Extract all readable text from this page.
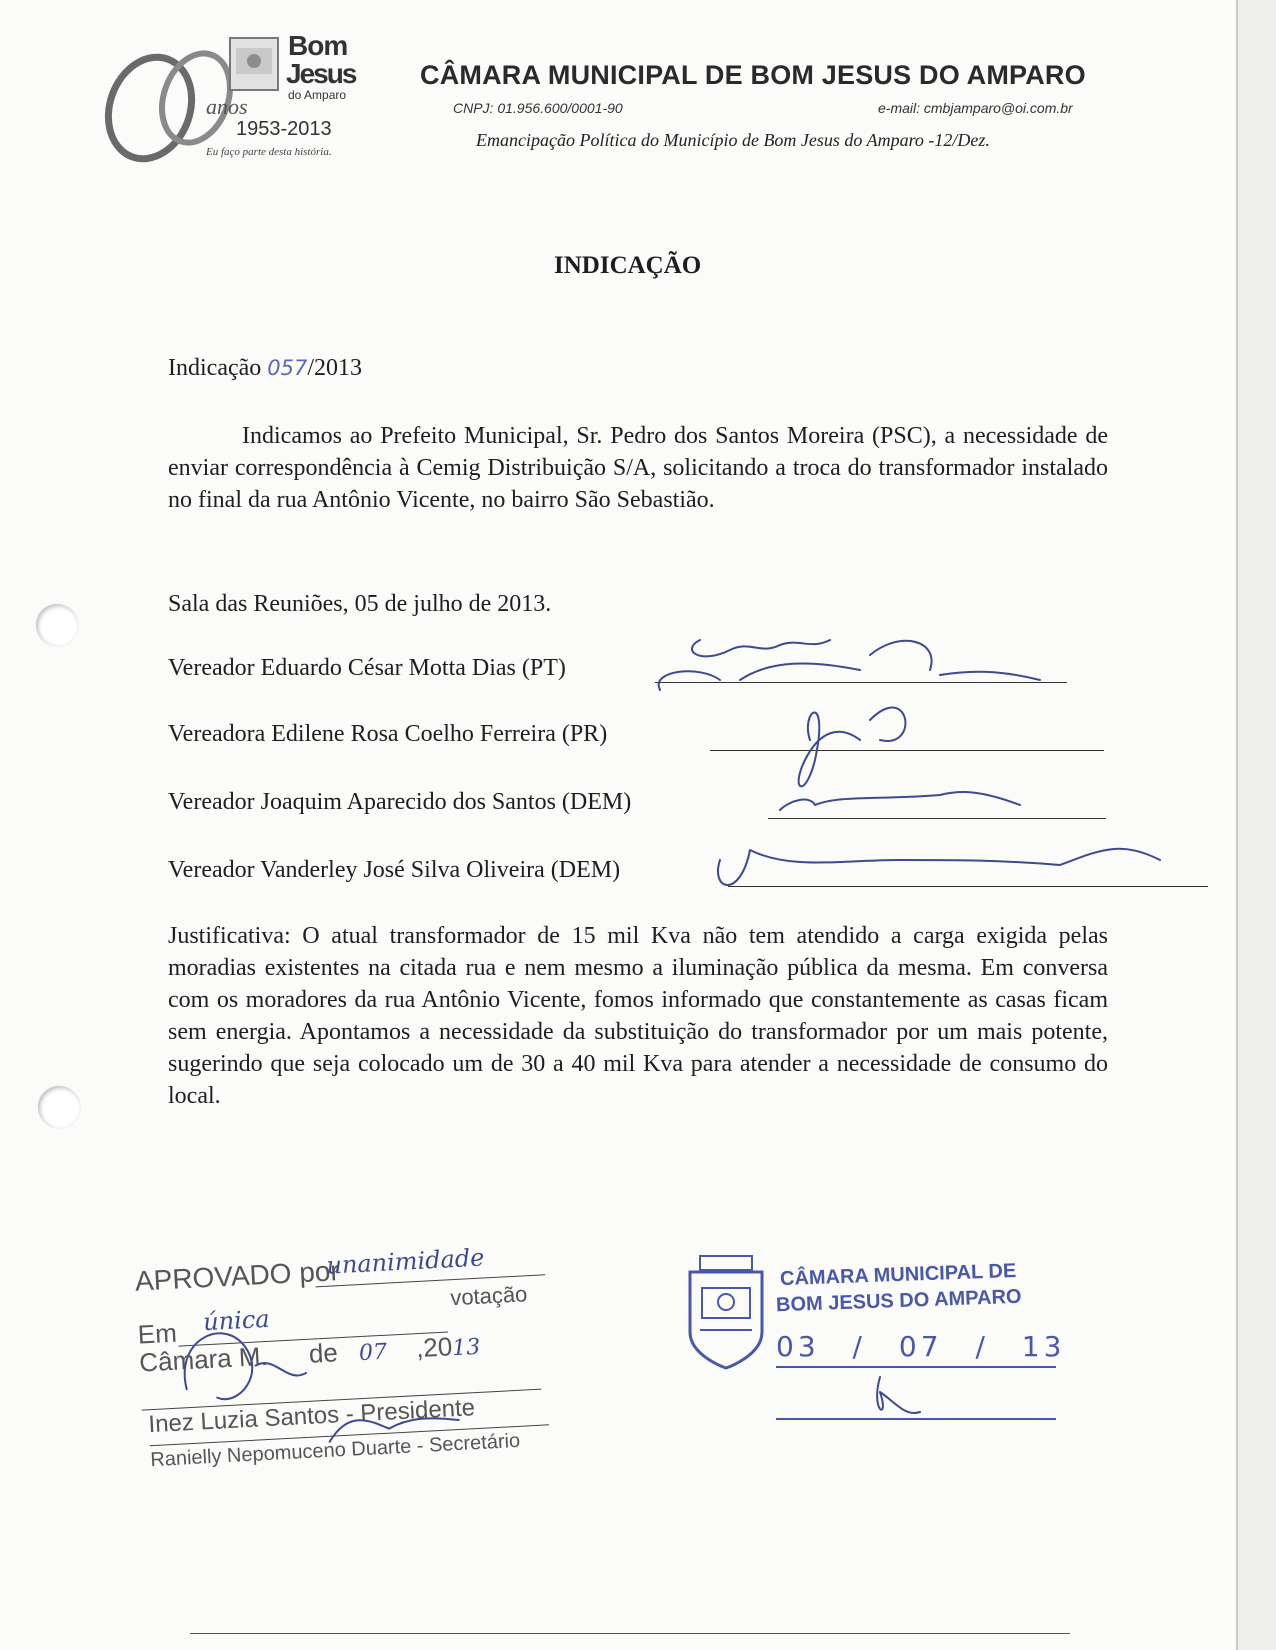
Bom
Jesus
do Amparo
anos
1953-2013
Eu faço parte desta história.
CÂMARA MUNICIPAL DE BOM JESUS DO AMPARO
CNPJ: 01.956.600/0001-90	e-mail: cmbjamparo@oi.com.br
Emancipação Política do Município de Bom Jesus do Amparo -12/Dez.
INDICAÇÃO
Indicação 057/2013
Indicamos ao Prefeito Municipal, Sr. Pedro dos Santos Moreira (PSC), a necessidade de enviar correspondência à Cemig Distribuição S/A, solicitando a troca do transformador instalado no final da rua Antônio Vicente, no bairro São Sebastião.
Sala das Reuniões, 05 de julho de 2013.
Vereador Eduardo César Motta Dias (PT)
Vereadora Edilene Rosa Coelho Ferreira (PR)
Vereador Joaquim Aparecido dos Santos (DEM)
Vereador Vanderley José Silva Oliveira (DEM)
Justificativa: O atual transformador de 15 mil Kva não tem atendido a carga exigida pelas moradias existentes na citada rua e nem mesmo a iluminação pública da mesma. Em conversa com os moradores da rua Antônio Vicente, fomos informado que constantemente as casas ficam sem energia. Apontamos a necessidade da substituição do transformador por um mais potente, sugerindo que seja colocado um de 30 a 40 mil Kva para atender a necessidade de consumo do local.
APROVADO por
unanimidade
votação
Em única
Câmara M. de 07 ,2013
Inez Luzia Santos - Presidente
Ranielly Nepomuceno Duarte - Secretário
CÂMARA MUNICIPAL DE
BOM JESUS DO AMPARO
03 / 07 / 13
